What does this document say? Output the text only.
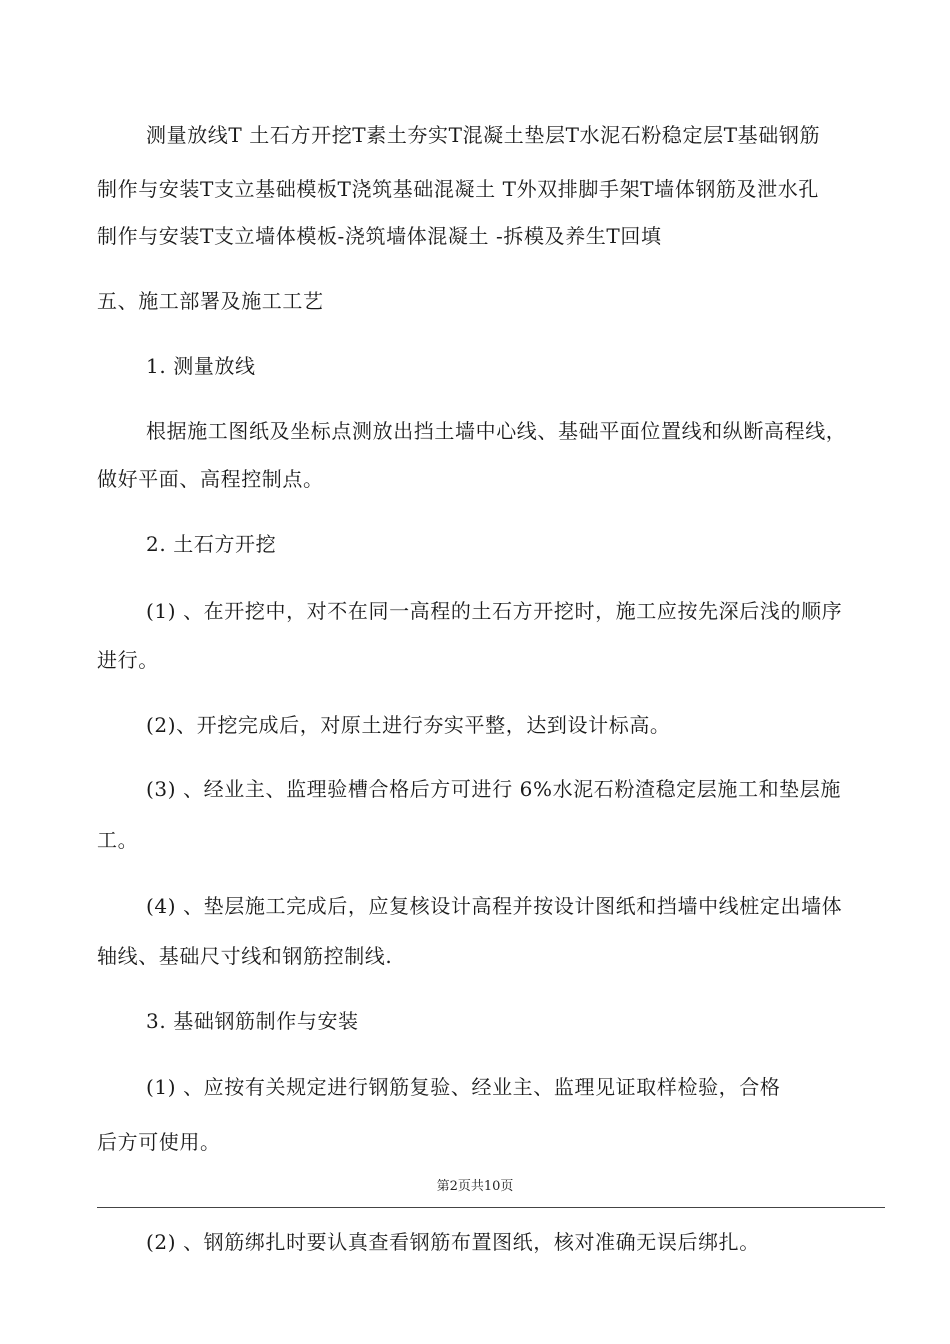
测量放线T 土石方开挖T素土夯实T混凝土垫层T水泥石粉稳定层T基础钢筋
制作与安装T支立基础模板T浇筑基础混凝土 T外双排脚手架T墙体钢筋及泄水孔
制作与安装T支立墙体模板-浇筑墙体混凝土 -拆模及养生T回填
五、施工部署及施工工艺
1. 测量放线
根据施工图纸及坐标点测放出挡土墙中心线、基础平面位置线和纵断高程线，
做好平面、高程控制点。
2. 土石方开挖
(1) 、在开挖中，对不在同一高程的土石方开挖时，施工应按先深后浅的顺序
进行。
(2)、开挖完成后，对原土进行夯实平整，达到设计标高。
(3) 、经业主、监理验槽合格后方可进行 6%水泥石粉渣稳定层施工和垫层施
工。
(4) 、垫层施工完成后，应复核设计高程并按设计图纸和挡墙中线桩定出墙体
轴线、基础尺寸线和钢筋控制线.
3. 基础钢筋制作与安装
(1) 、应按有关规定进行钢筋复验、经业主、监理见证取样检验，合格
后方可使用。
第2页共10页
(2) 、钢筋绑扎时要认真查看钢筋布置图纸，核对准确无误后绑扎。
